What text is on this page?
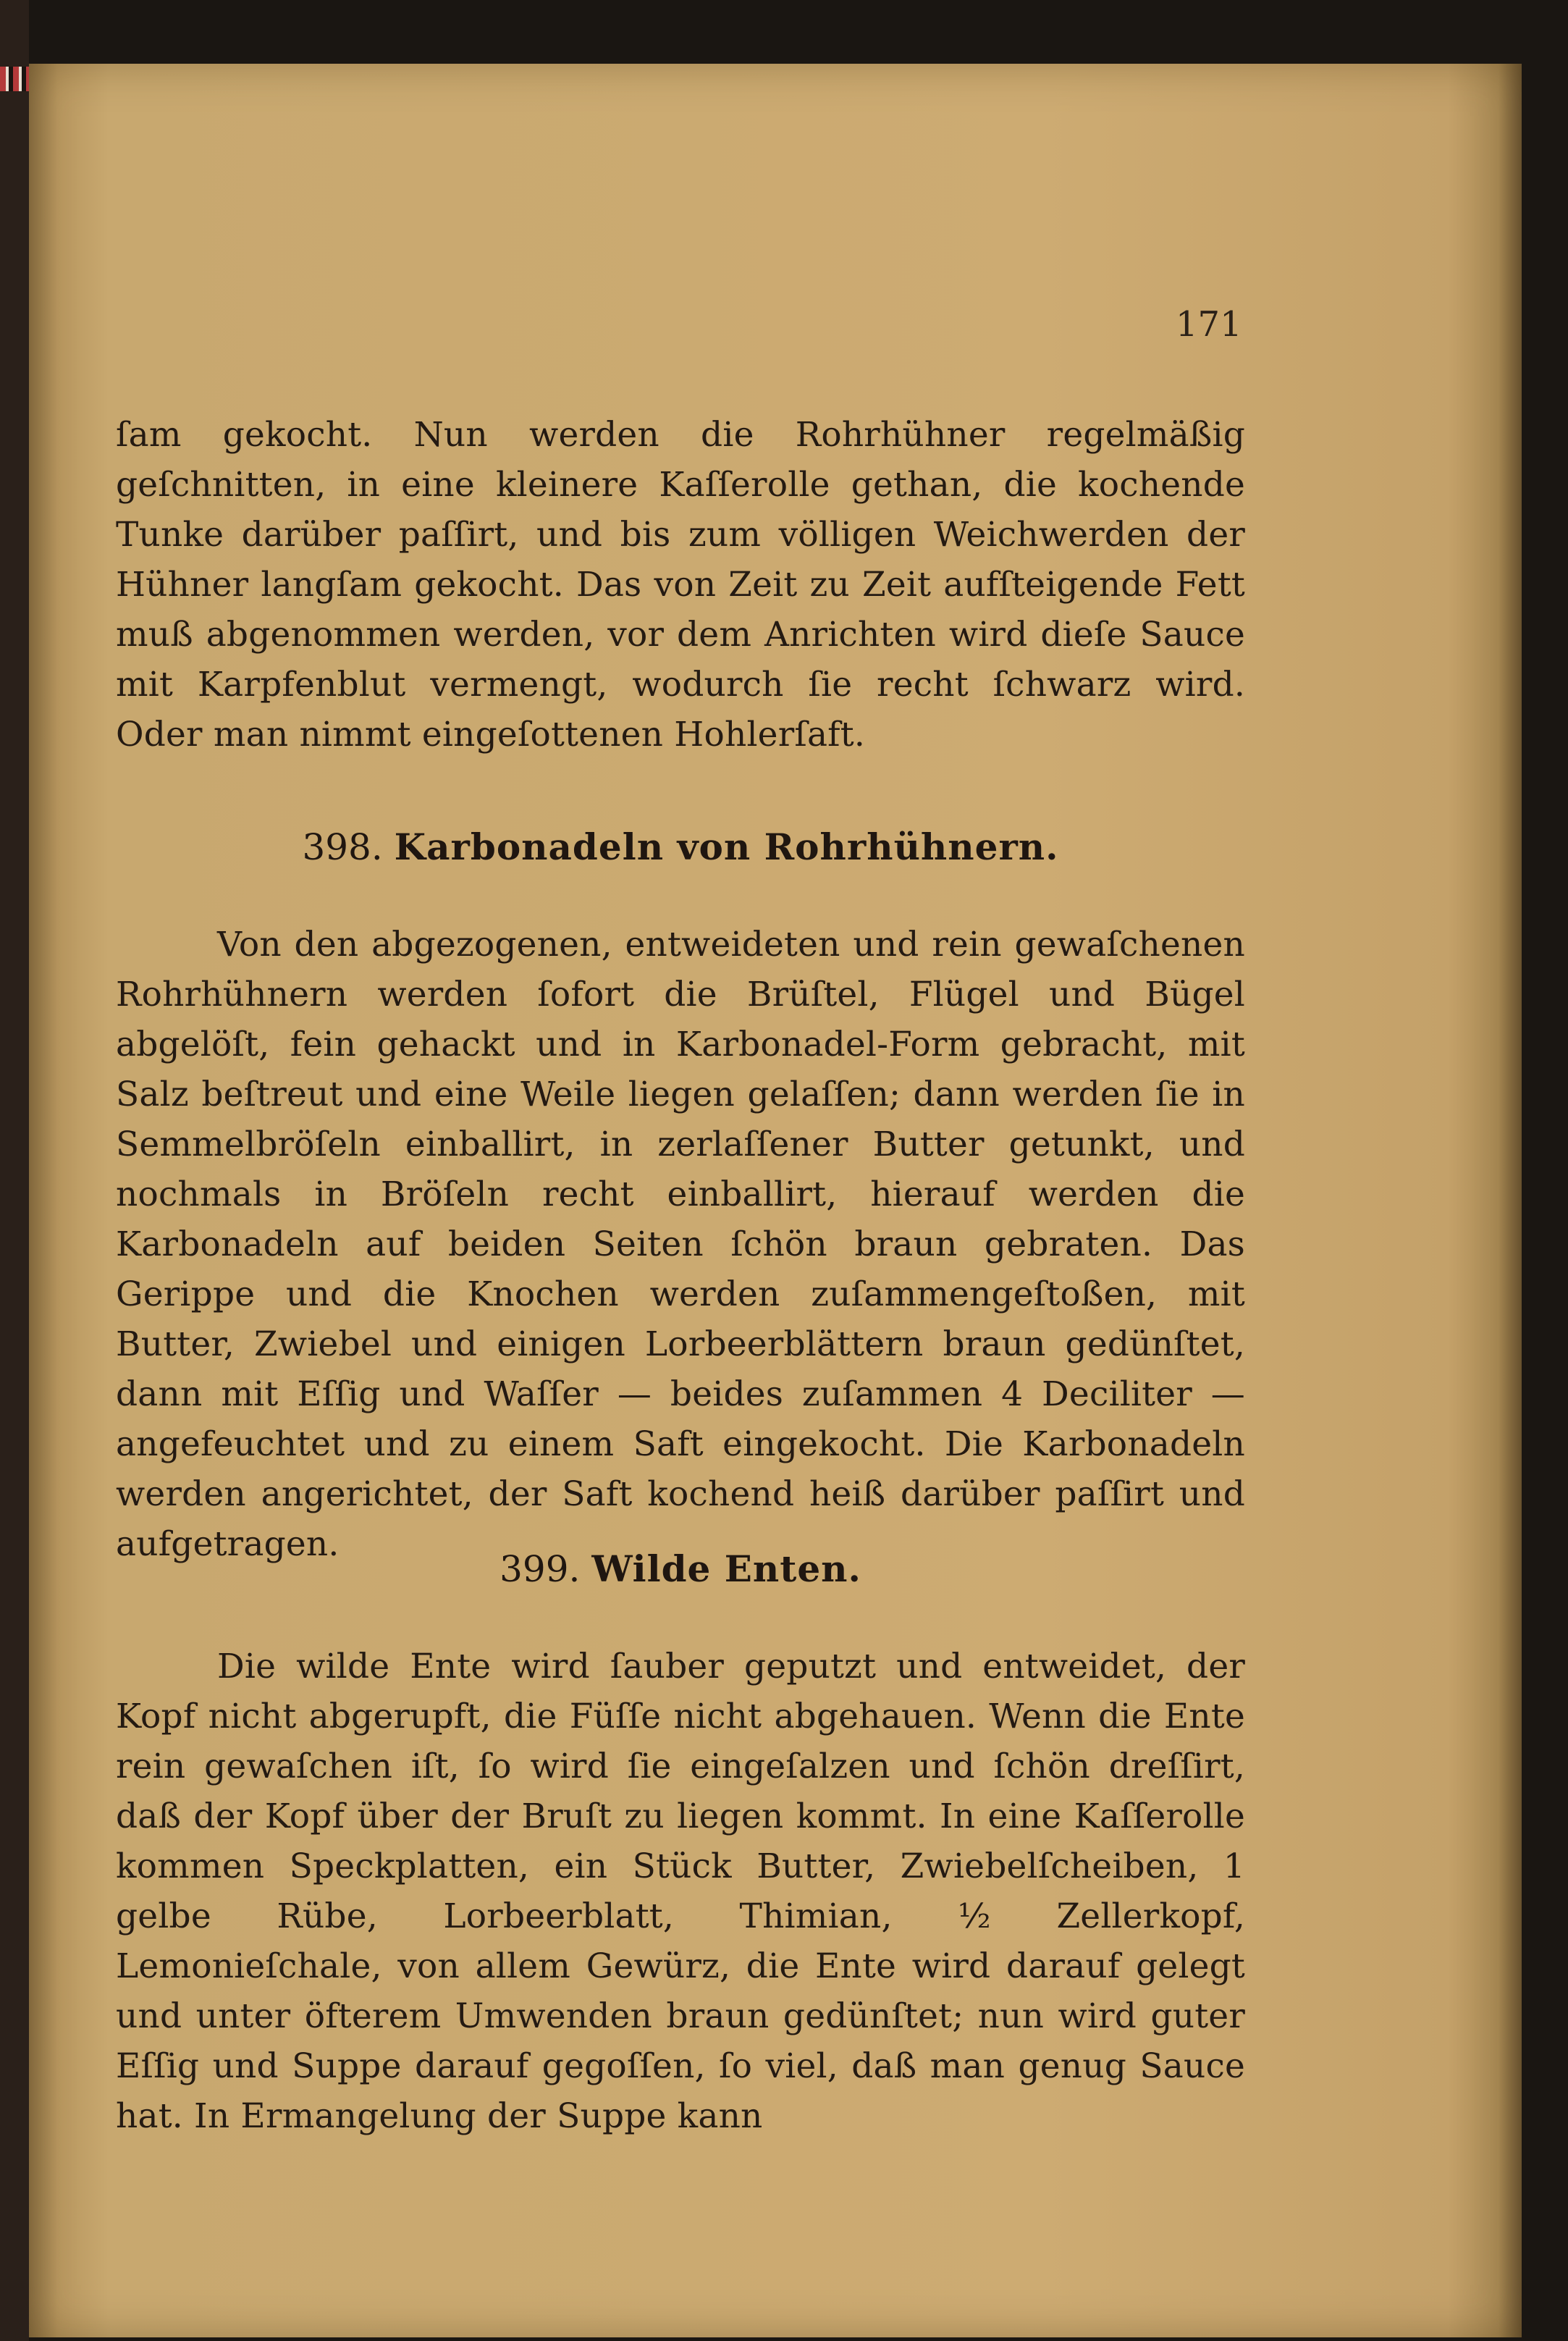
171

ſam gekocht. Nun werden die Rohrhühner regelmäßig geſchnitten, in eine kleinere Kaſſerolle gethan, die kochende Tunke darüber paſſirt, und bis zum völligen Weichwerden der Hühner langſam gekocht. Das von Zeit zu Zeit aufſteigende Fett muß abgenommen werden, vor dem Anrichten wird dieſe Sauce mit Karpfenblut vermengt, wodurch ſie recht ſchwarz wird. Oder man nimmt eingeſottenen Hohlerſaft.

398. Karbonadeln von Rohrhühnern.

Von den abgezogenen, entweideten und rein gewaſchenen Rohrhühnern werden ſofort die Brüſtel, Flügel und Bügel abgelöſt, fein gehackt und in Karbonadel-Form gebracht, mit Salz beſtreut und eine Weile liegen gelaſſen; dann werden ſie in Semmelbröſeln einballirt, in zerlaſſener Butter getunkt, und nochmals in Bröſeln recht einballirt, hierauf werden die Karbonadeln auf beiden Seiten ſchön braun gebraten. Das Gerippe und die Knochen werden zuſammengeſtoßen, mit Butter, Zwiebel und einigen Lorbeerblättern braun gedünſtet, dann mit Eſſig und Waſſer — beides zuſammen 4 Deciliter — angefeuchtet und zu einem Saft eingekocht. Die Karbonadeln werden angerichtet, der Saft kochend heiß darüber paſſirt und aufgetragen.

399. Wilde Enten.

Die wilde Ente wird ſauber geputzt und entweidet, der Kopf nicht abgerupft, die Füſſe nicht abgehauen. Wenn die Ente rein gewaſchen iſt, ſo wird ſie eingeſalzen und ſchön dreſſirt, daß der Kopf über der Bruſt zu liegen kommt. In eine Kaſſerolle kommen Speckplatten, ein Stück Butter, Zwiebelſcheiben, 1 gelbe Rübe, Lorbeerblatt, Thimian, ½ Zellerkopf, Lemonieſchale, von allem Gewürz, die Ente wird darauf gelegt und unter öfterem Umwenden braun gedünſtet; nun wird guter Eſſig und Suppe darauf gegoſſen, ſo viel, daß man genug Sauce hat. In Ermangelung der Suppe kann
